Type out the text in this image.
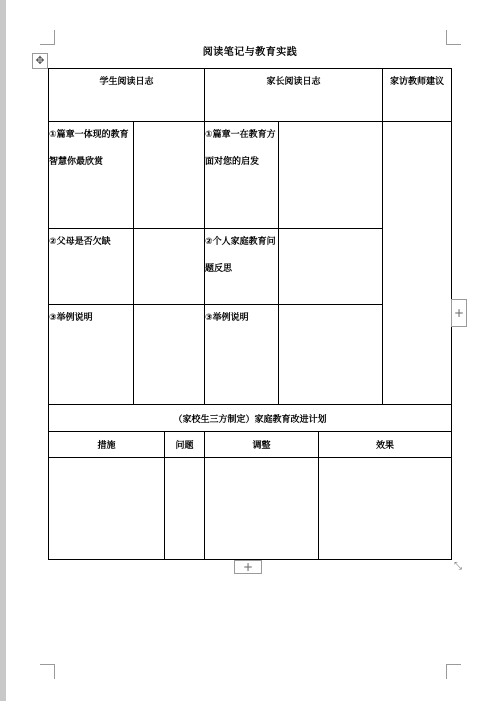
✥
阅读笔记与教育实践
学生阅读日志			家长阅读日志			家访教师建议
①篇章一体现的教育智慧你最欣赏			①篇章一在教育方面对您的启发			
②父母是否欠缺			②个人家庭教育问题反思			
③举例说明			③举例说明			
（家校生三方制定）家庭教育改进计划						
措施		问题	调整		效果	

+
+	⤡
